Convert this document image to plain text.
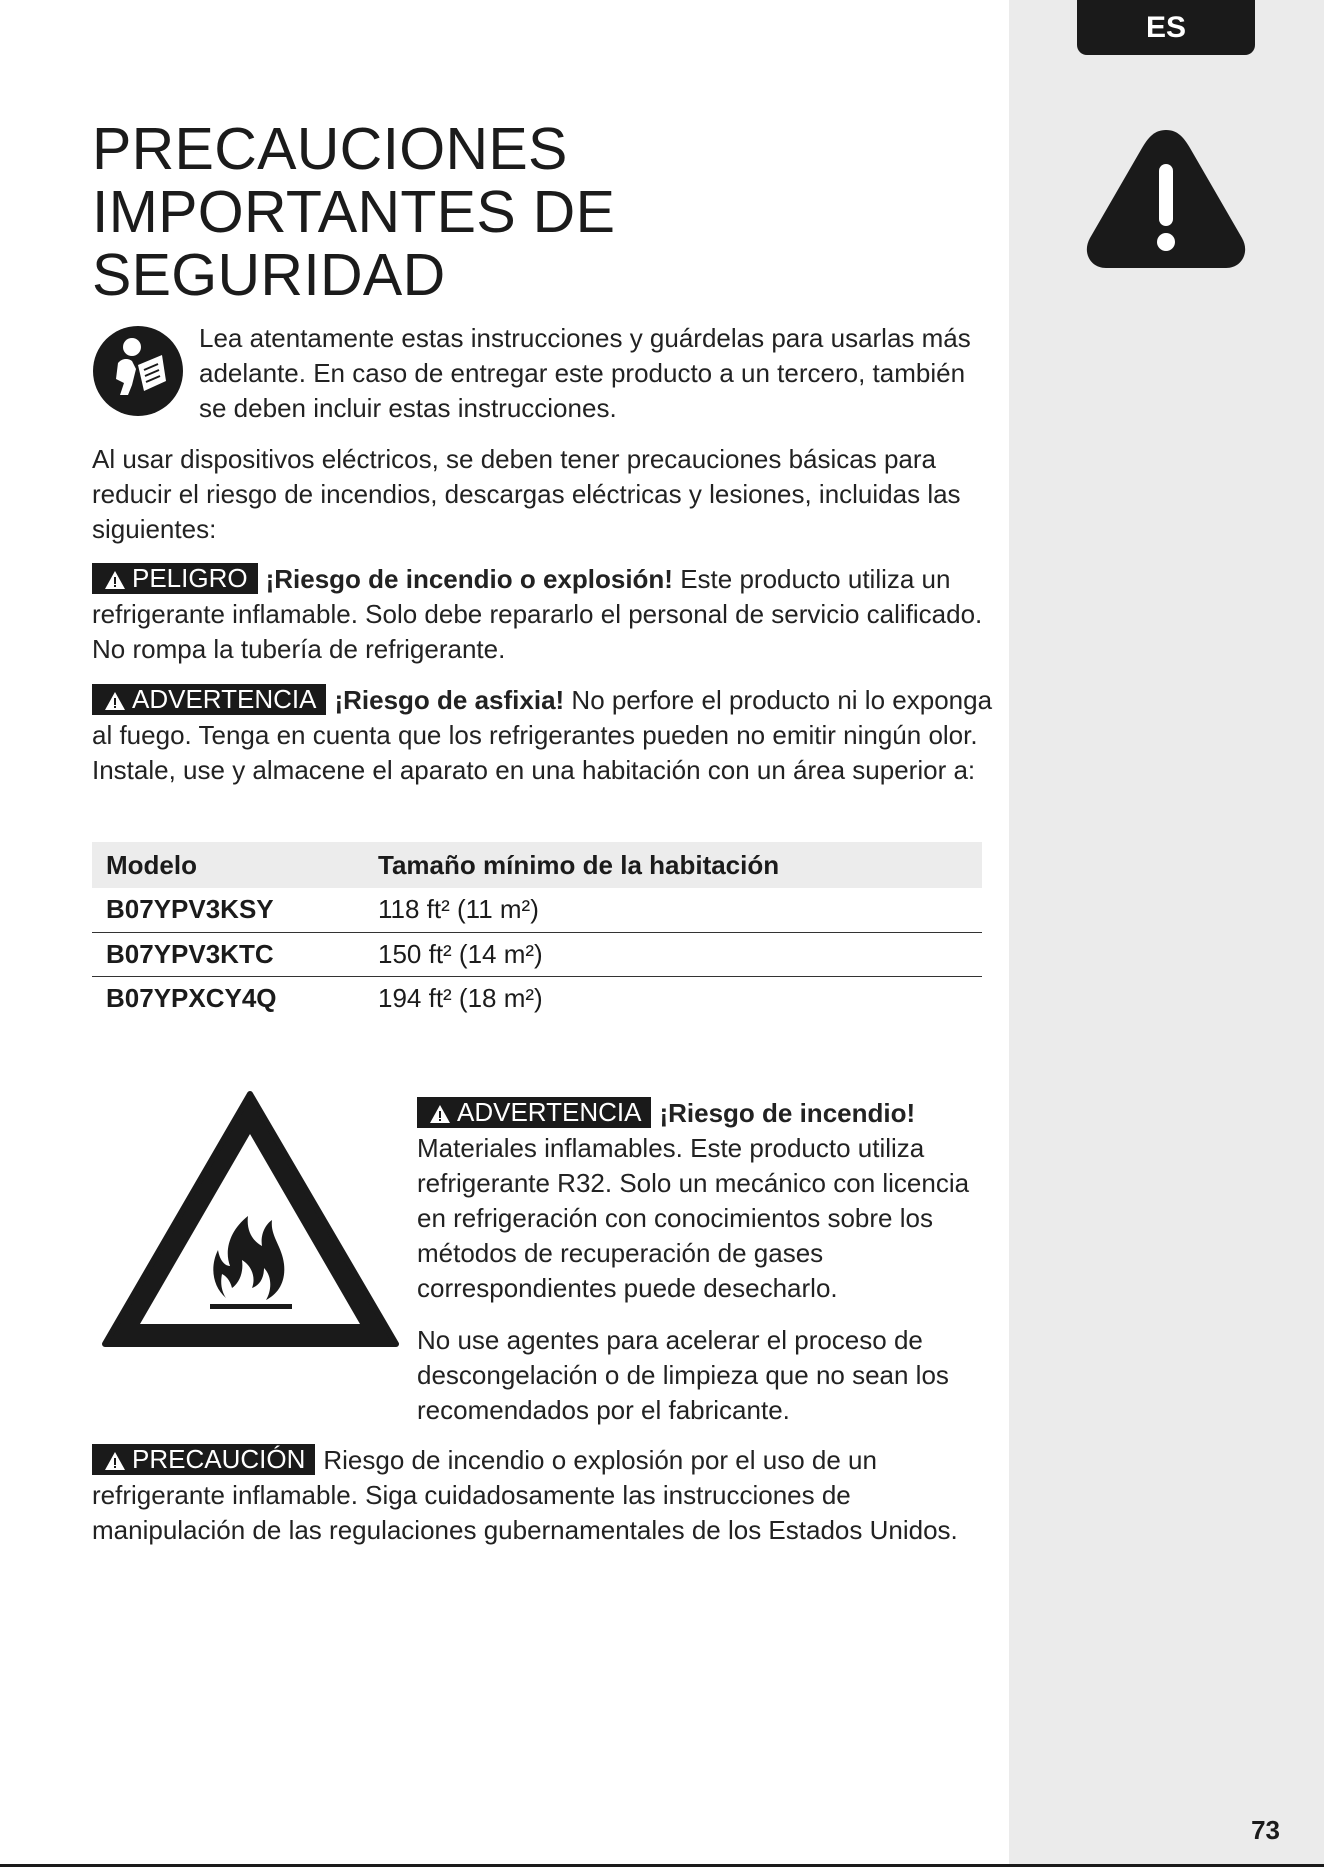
ES
PRECAUCIONES IMPORTANTES DE SEGURIDAD
Lea atentamente estas instrucciones y guárdelas para usarlas más adelante. En caso de entregar este producto a un tercero, también se deben incluir estas instrucciones.
Al usar dispositivos eléctricos, se deben tener precauciones básicas para reducir el riesgo de incendios, descargas eléctricas y lesiones, incluidas las siguientes:
PELIGRO ¡Riesgo de incendio o explosión! Este producto utiliza un refrigerante inflamable. Solo debe repararlo el personal de servicio calificado. No rompa la tubería de refrigerante.
ADVERTENCIA ¡Riesgo de asfixia! No perfore el producto ni lo exponga al fuego. Tenga en cuenta que los refrigerantes pueden no emitir ningún olor. Instale, use y almacene el aparato en una habitación con un área superior a:
Modelo	Tamaño mínimo de la habitación
B07YPV3KSY	118 ft² (11 m²)
B07YPV3KTC	150 ft² (14 m²)
B07YPXCY4Q	194 ft² (18 m²)
ADVERTENCIA ¡Riesgo de incendio! Materiales inflamables. Este producto utiliza refrigerante R32. Solo un mecánico con licencia en refrigeración con conocimientos sobre los métodos de recuperación de gases correspondientes puede desecharlo.
No use agentes para acelerar el proceso de descongelación o de limpieza que no sean los recomendados por el fabricante.
PRECAUCIÓN Riesgo de incendio o explosión por el uso de un refrigerante inflamable. Siga cuidadosamente las instrucciones de manipulación de las regulaciones gubernamentales de los Estados Unidos.
73
